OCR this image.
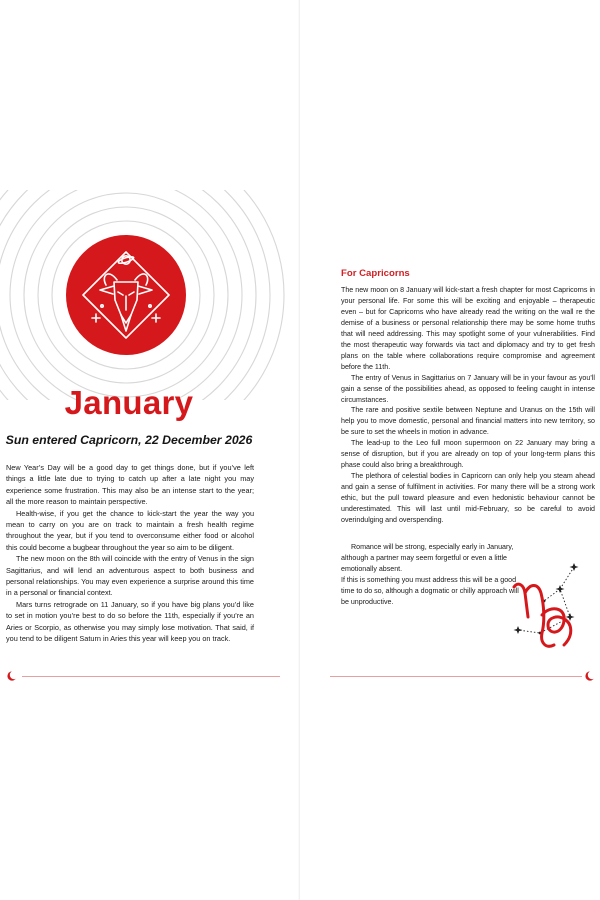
January
Sun entered Capricorn, 22 December 2026

New Year’s Day will be a good day to get things done, but if you’ve left things a little late due to trying to catch up after a late night you may experience some frustration. This may also be an intense start to the year; all the more reason to maintain perspective.

Health-wise, if you get the chance to kick-start the year the way you mean to carry on you are on track to maintain a fresh health regime throughout the year, but if you tend to overconsume either food or alcohol this could become a bugbear throughout the year so aim to be diligent.

The new moon on the 8th will coincide with the entry of Venus in the sign Sagittarius, and will lend an adventurous aspect to both business and personal relationships. You may even experience a surprise around this time in a personal or financial context.

Mars turns retrograde on 11 January, so if you have big plans you’d like to set in motion you’re best to do so before the 11th, especially if you’re an Aries or Scorpio, as otherwise you may simply lose motivation. That said, if you tend to be diligent Saturn in Aries this year will keep you on track.

For Capricorns

The new moon on 8 January will kick-start a fresh chapter for most Capricorns in your personal life. For some this will be exciting and enjoyable – therapeutic even – but for Capricorns who have already read the writing on the wall re the demise of a business or personal relationship there may be some home truths that will need addressing. This may spotlight some of your vulnerabilities. Find the most therapeutic way forwards via tact and diplomacy and try to get fresh plans on the table where collaborations require compromise and agreement before the 11th.

The entry of Venus in Sagittarius on 7 January will be in your favour as you’ll gain a sense of the possibilities ahead, as opposed to feeling caught in intense circumstances.

The rare and positive sextile between Neptune and Uranus on the 15th will help you to move domestic, personal and financial matters into new territory, so be sure to set the wheels in motion in advance.

The lead-up to the Leo full moon supermoon on 22 January may bring a sense of disruption, but if you are already on top of your long-term plans this phase could also bring a breakthrough.

The plethora of celestial bodies in Capricorn can only help you steam ahead and gain a sense of fulfilment in activities. For many there will be a strong work ethic, but the pull toward pleasure and even hedonistic behaviour cannot be underestimated. This will last until mid-February, so be careful to avoid overindulging and overspending.

Romance will be strong, especially early in January, although a partner may seem forgetful or even a little emotionally absent.

If this is something you must address this will be a good time to do so, although a dogmatic or chilly approach will be unproductive.
